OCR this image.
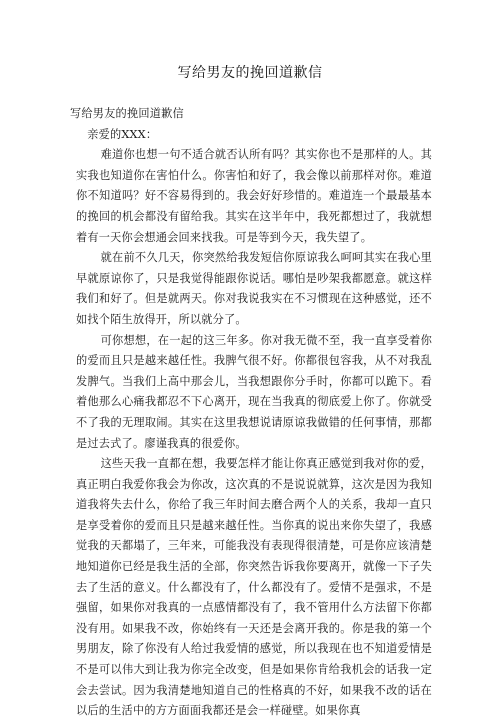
写给男友的挽回道歉信

写给男友的挽回道歉信

亲爱的XXX：

难道你也想一句不适合就否认所有吗？其实你也不是那样的人。其实我也知道你在害怕什么。你害怕和好了，我会像以前那样对你。难道你不知道吗？好不容易得到的。我会好好珍惜的。难道连一个最最基本的挽回的机会都没有留给我。其实在这半年中，我死都想过了，我就想着有一天你会想通会回来找我。可是等到今天，我失望了。

就在前不久几天，你突然给我发短信你原谅我么呵呵其实在我心里早就原谅你了，只是我觉得能跟你说话。哪怕是吵架我都愿意。就这样我们和好了。但是就两天。你对我说我实在不习惯现在这种感觉，还不如找个陌生放得开，所以就分了。

可你想想，在一起的这三年多。你对我无微不至，我一直享受着你的爱而且只是越来越任性。我脾气很不好。你都很包容我，从不对我乱发脾气。当我们上高中那会儿，当我想跟你分手时，你都可以跪下。看着他那么心痛我都忍不下心离开，现在当我真的彻底爱上你了。你就受不了我的无理取闹。其实在这里我想说请原谅我做错的任何事情，那都是过去式了。廖谨我真的很爱你。

这些天我一直都在想，我要怎样才能让你真正感觉到我对你的爱，真正明白我爱你我会为你改，这次真的不是说说就算，这次是因为我知道我将失去什么，你给了我三年时间去磨合两个人的关系，我却一直只是享受着你的爱而且只是越来越任性。当你真的说出来你失望了，我感觉我的天都塌了，三年来，可能我没有表现得很清楚，可是你应该清楚地知道你已经是我生活的全部，你突然告诉我你要离开，就像一下子失去了生活的意义。什么都没有了，什么都没有了。爱情不是强求，不是强留，如果你对我真的一点感情都没有了，我不管用什么方法留下你都没有用。如果我不改，你始终有一天还是会离开我的。你是我的第一个男朋友，除了你没有人给过我爱情的感觉，所以我现在也不知道爱情是不是可以伟大到让我为你完全改变，但是如果你肯给我机会的话我一定会去尝试。因为我清楚地知道自己的性格真的不好，如果我不改的话在以后的生活中的方方面面我都还是会一样碰壁。如果你真
